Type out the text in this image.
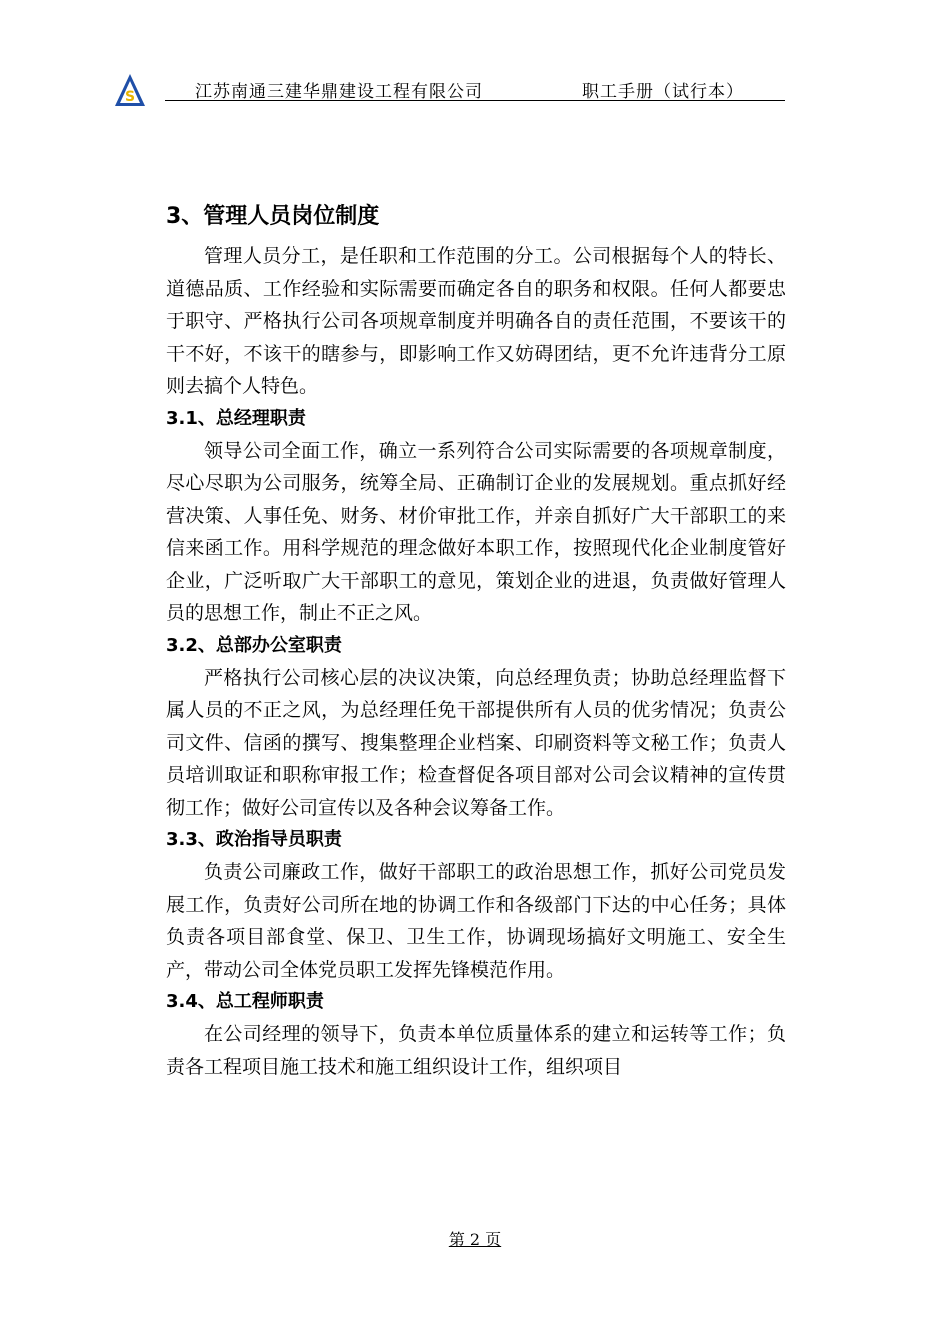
S	江苏南通三建华鼎建设工程有限公司	职工手册（试行本）
3、管理人员岗位制度

管理人员分工，是任职和工作范围的分工。公司根据每个人的特长、道德品质、工作经验和实际需要而确定各自的职务和权限。任何人都要忠于职守、严格执行公司各项规章制度并明确各自的责任范围，不要该干的干不好，不该干的瞎参与，即影响工作又妨碍团结，更不允许违背分工原则去搞个人特色。

3.1、总经理职责

领导公司全面工作，确立一系列符合公司实际需要的各项规章制度，尽心尽职为公司服务，统筹全局、正确制订企业的发展规划。重点抓好经营决策、人事任免、财务、材价审批工作，并亲自抓好广大干部职工的来信来函工作。用科学规范的理念做好本职工作，按照现代化企业制度管好企业，广泛听取广大干部职工的意见，策划企业的进退，负责做好管理人员的思想工作，制止不正之风。

3.2、总部办公室职责

严格执行公司核心层的决议决策，向总经理负责；协助总经理监督下属人员的不正之风，为总经理任免干部提供所有人员的优劣情况；负责公司文件、信函的撰写、搜集整理企业档案、印刷资料等文秘工作；负责人员培训取证和职称审报工作；检查督促各项目部对公司会议精神的宣传贯彻工作；做好公司宣传以及各种会议筹备工作。

3.3、政治指导员职责

负责公司廉政工作，做好干部职工的政治思想工作，抓好公司党员发展工作，负责好公司所在地的协调工作和各级部门下达的中心任务；具体负责各项目部食堂、保卫、卫生工作，协调现场搞好文明施工、安全生产，带动公司全体党员职工发挥先锋模范作用。

3.4、总工程师职责

在公司经理的领导下，负责本单位质量体系的建立和运转等工作；负责各工程项目施工技术和施工组织设计工作，组织项目

第 2 页
